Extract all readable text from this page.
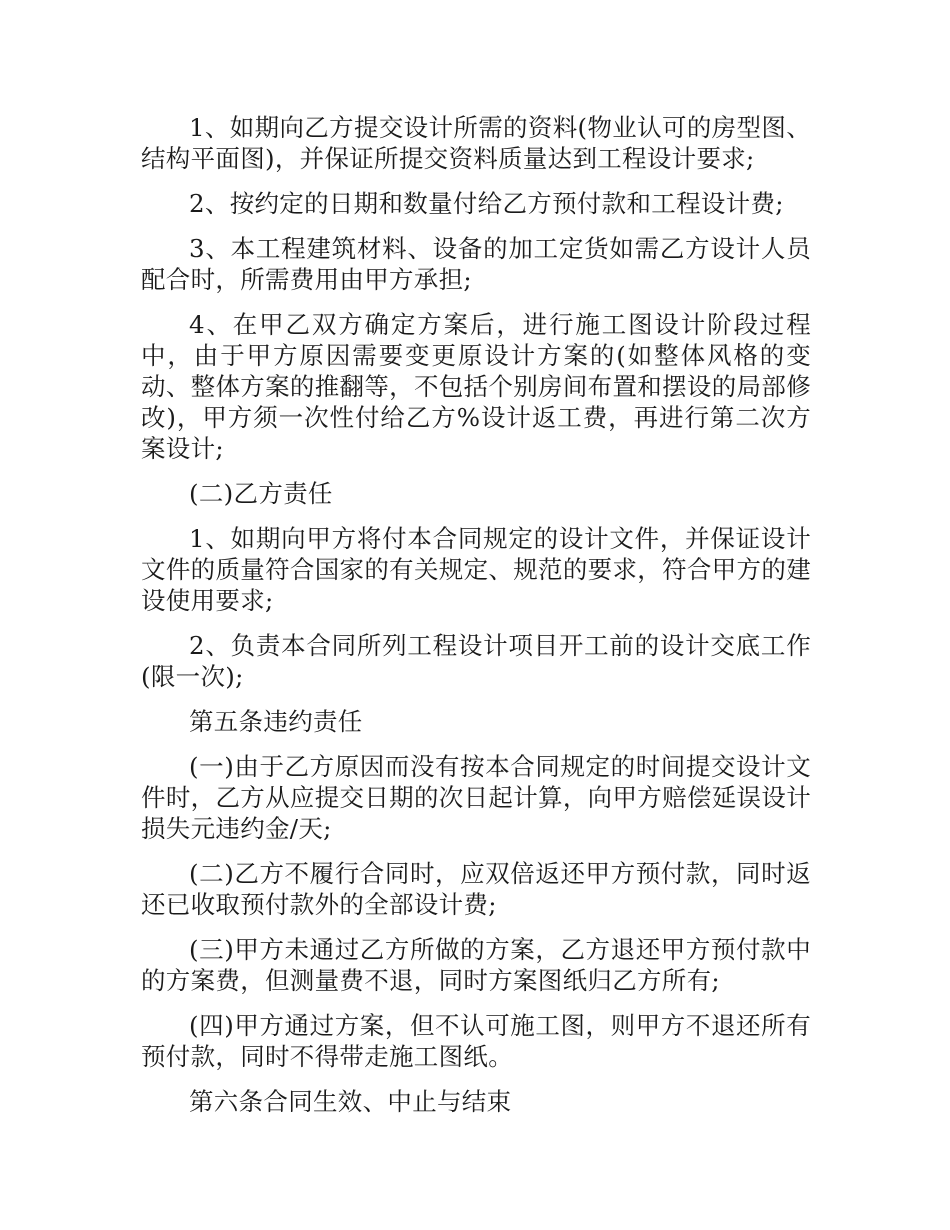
1、如期向乙方提交设计所需的资料(物业认可的房型图、结构平面图)，并保证所提交资料质量达到工程设计要求;

2、按约定的日期和数量付给乙方预付款和工程设计费;

3、本工程建筑材料、设备的加工定货如需乙方设计人员配合时，所需费用由甲方承担;

4、在甲乙双方确定方案后，进行施工图设计阶段过程中，由于甲方原因需要变更原设计方案的(如整体风格的变动、整体方案的推翻等，不包括个别房间布置和摆设的局部修改)，甲方须一次性付给乙方%设计返工费，再进行第二次方案设计;

(二)乙方责任

1、如期向甲方将付本合同规定的设计文件，并保证设计文件的质量符合国家的有关规定、规范的要求，符合甲方的建设使用要求;

2、负责本合同所列工程设计项目开工前的设计交底工作(限一次);

第五条违约责任

(一)由于乙方原因而没有按本合同规定的时间提交设计文件时，乙方从应提交日期的次日起计算，向甲方赔偿延误设计损失元违约金/天;

(二)乙方不履行合同时，应双倍返还甲方预付款，同时返还已收取预付款外的全部设计费;

(三)甲方未通过乙方所做的方案，乙方退还甲方预付款中的方案费，但测量费不退，同时方案图纸归乙方所有;

(四)甲方通过方案，但不认可施工图，则甲方不退还所有预付款，同时不得带走施工图纸。

第六条合同生效、中止与结束
